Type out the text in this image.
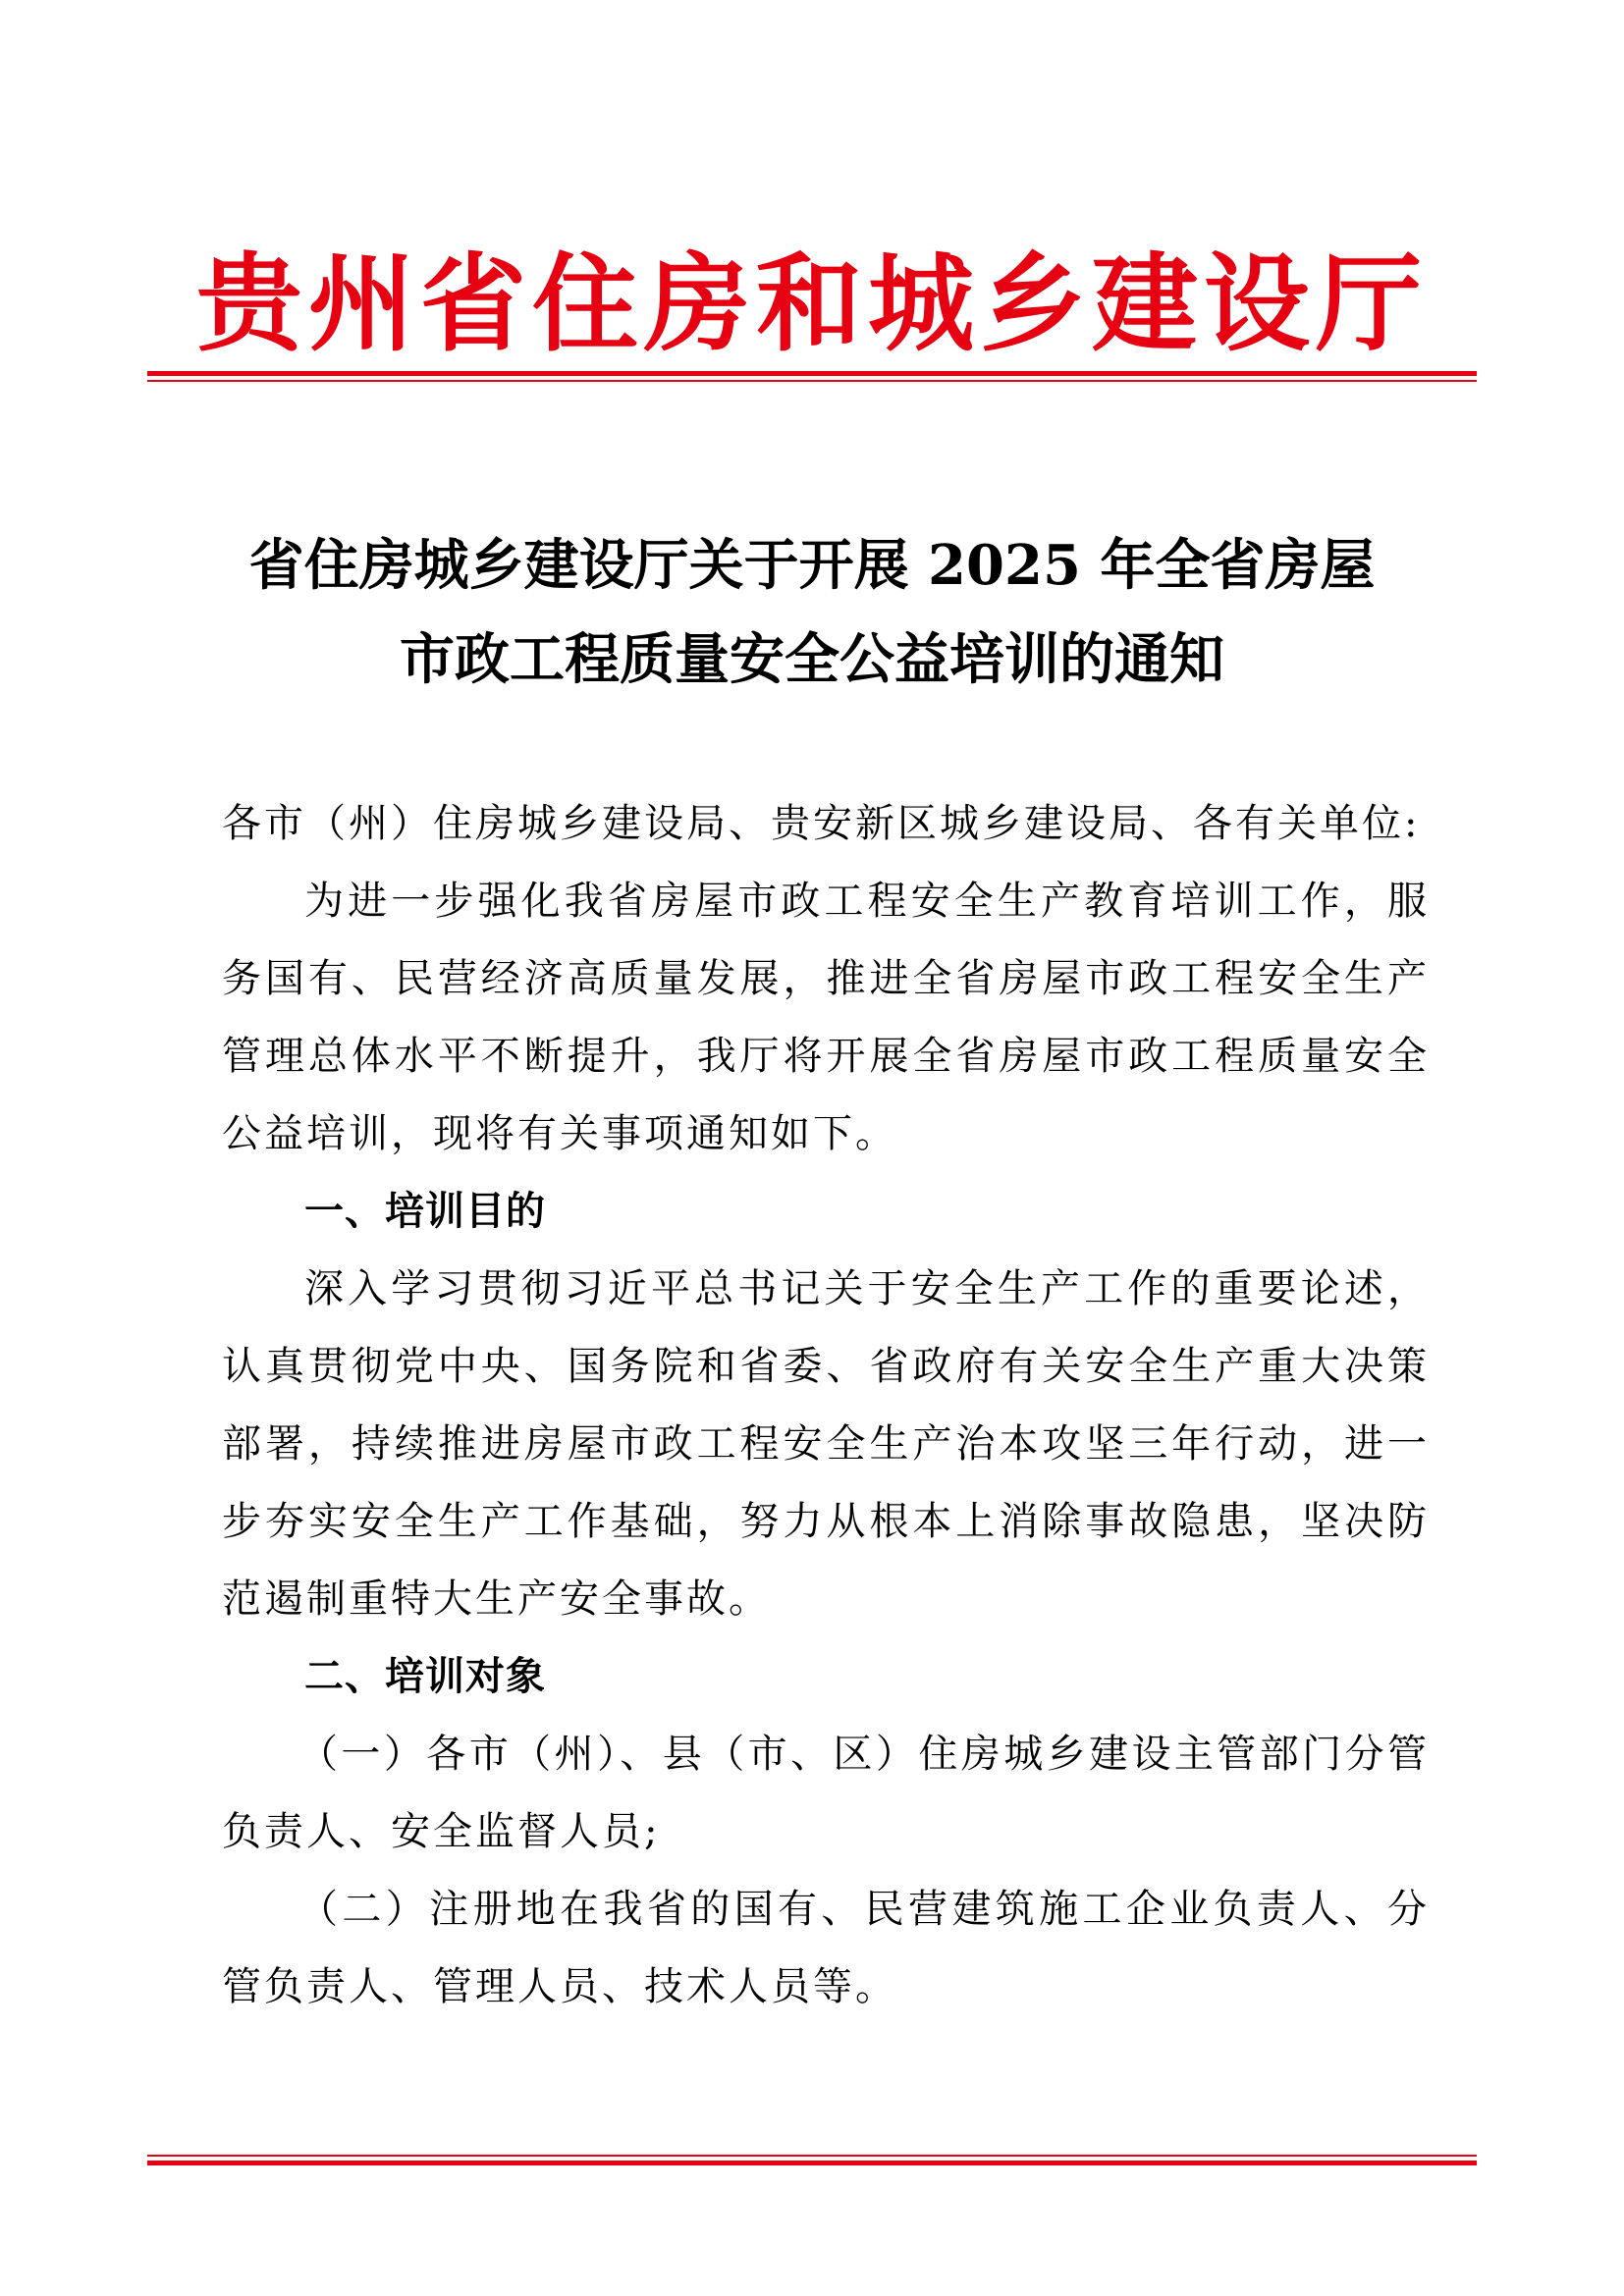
贵州省住房和城乡建设厅
省住房城乡建设厅关于开展 2025 年全省房屋
市政工程质量安全公益培训的通知

各市（州）住房城乡建设局、贵安新区城乡建设局、各有关单位:

为进一步强化我省房屋市政工程安全生产教育培训工作，服务国有、民营经济高质量发展，推进全省房屋市政工程安全生产管理总体水平不断提升，我厅将开展全省房屋市政工程质量安全公益培训，现将有关事项通知如下。

一、培训目的

深入学习贯彻习近平总书记关于安全生产工作的重要论述，认真贯彻党中央、国务院和省委、省政府有关安全生产重大决策部署，持续推进房屋市政工程安全生产治本攻坚三年行动，进一步夯实安全生产工作基础，努力从根本上消除事故隐患，坚决防范遏制重特大生产安全事故。

二、培训对象

（一）各市（州）、县（市、区）住房城乡建设主管部门分管负责人、安全监督人员;

（二）注册地在我省的国有、民营建筑施工企业负责人、分管负责人、管理人员、技术人员等。
